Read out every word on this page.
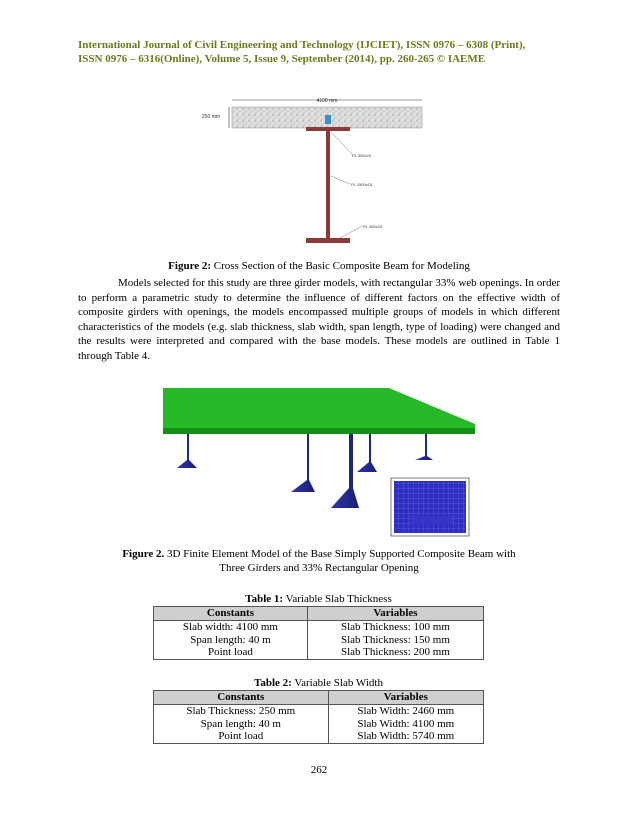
International Journal of Civil Engineering and Technology (IJCIET), ISSN 0976 – 6308 (Print),
ISSN 0976 – 6316(Online), Volume 5, Issue 9, September (2014), pp. 260-265 © IAEME
4100 mm
250 mm
PL 300x20
PL 1500x15
PL 400x25
Figure 2: Cross Section of the Basic Composite Beam for Modeling

Models selected for this study are three girder models, with rectangular 33% web openings. In order to perform a parametric study to determine the influence of different factors on the effective width of composite girders with openings, the models encompassed multiple groups of models in which different characteristics of the models (e.g. slab thickness, slab width, span length, type of loading) were changed and the results were interpreted and compared with the base models. These models are outlined in Table 1 through Table 4.

Figure 2. 3D Finite Element Model of the Base Simply Supported Composite Beam with
Three Girders and 33% Rectangular Opening
Table 1: Variable Slab Thickness
Constants	Variables
Slab width: 4100 mm	Slab Thickness: 100 mm
Span length: 40 m	Slab Thickness: 150 mm
Point load	Slab Thickness: 200 mm
Table 2: Variable Slab Width
Constants	Variables
Slab Thickness: 250 mm	Slab Width: 2460 mm
Span length: 40 m	Slab Width: 4100 mm
Point load	Slab Width: 5740 mm
262
